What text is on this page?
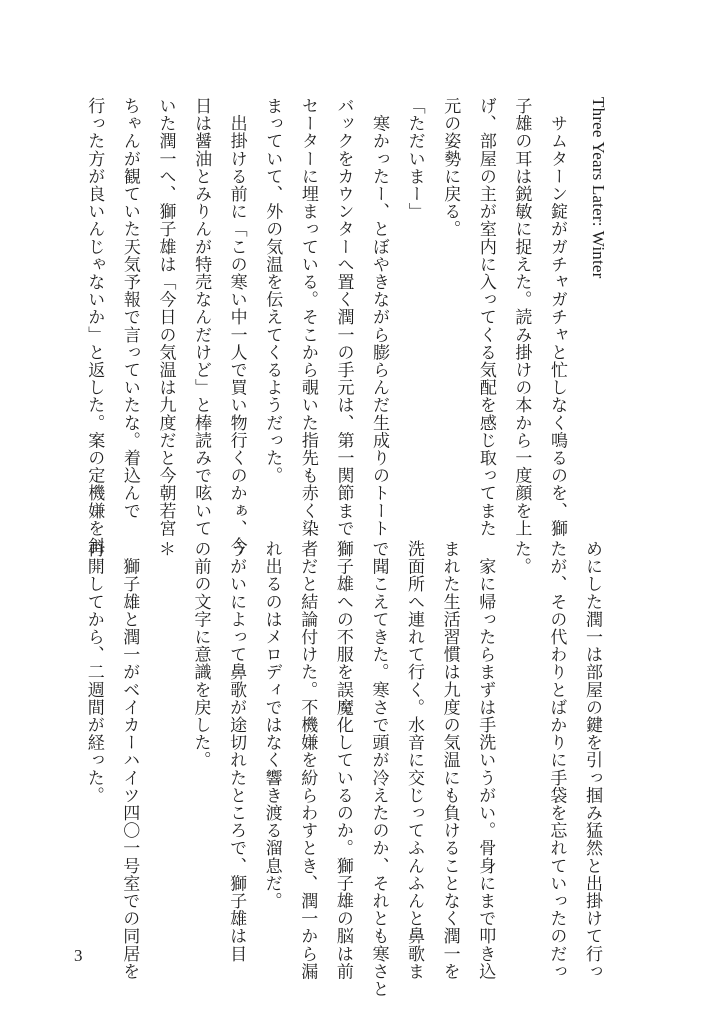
Three Years Later: Winter
　サムターン錠がガチャガチャと忙しなく鳴るのを、獅
子雄の耳は鋭敏に捉えた。読み掛けの本から一度顔を上
げ、部屋の主が室内に入ってくる気配を感じ取ってまた
元の姿勢に戻る。
「ただいまー」
　寒かったー、とぼやきながら膨らんだ生成りのトート
バックをカウンターへ置く潤一の手元は、第一関節まで
セーターに埋まっている。そこから覗いた指先も赤く染
まっていて、外の気温を伝えてくるようだった。
　出掛ける前に「この寒い中一人で買い物行くのかぁ、今
日は醤油とみりんが特売なんだけど」と棒読みで呟いて
いた潤一へ、獅子雄は「今日の気温は九度だと今朝若宮
ちゃんが観ていた天気予報で言っていたな。着込んで
行った方が良いんじゃないか」と返した。案の定機嫌を斜
めにした潤一は部屋の鍵を引っ掴み猛然と出掛けて行っ
たが、その代わりとばかりに手袋を忘れていったのだっ
た。
　家に帰ったらまずは手洗いうがい。骨身にまで叩き込
まれた生活習慣は九度の気温にも負けることなく潤一を
洗面所へ連れて行く。水音に交じってふんふんと鼻歌ま
で聞こえてきた。寒さで頭が冷えたのか、それとも寒さと
獅子雄への不服を誤魔化しているのか。獅子雄の脳は前
者だと結論付けた。不機嫌を紛らわすとき、潤一から漏
れ出るのはメロディではなく響き渡る溜息だ。
うがいによって鼻歌が途切れたところで、獅子雄は目
の前の文字に意識を戻した。
＊
　獅子雄と潤一がベイカーハイツ四〇一号室での同居を
再開してから、二週間が経った。
3
